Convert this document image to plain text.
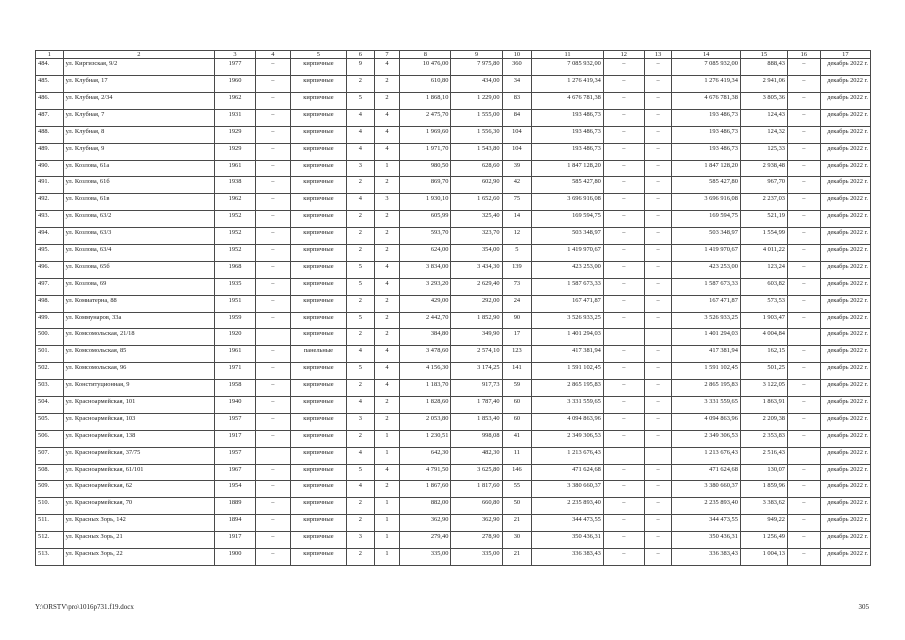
1	2	3	4	5	6	7	8	9	10	11	12	13	14	15	16	17
484.	ул. Киргизская, 9/2	1977	–	кирпичные	9	4	10 476,00	7 975,80	360	7 085 932,00	–	–	7 085 932,00	888,43	–	декабрь 2022 г.
485.	ул. Клубная, 17	1960	–	кирпичные	2	2	610,80	434,00	34	1 276 419,34	–	–	1 276 419,34	2 941,06	–	декабрь 2022 г.
486.	ул. Клубная, 2/34	1962	–	кирпичные	5	2	1 868,10	1 229,00	83	4 676 781,38	–	–	4 676 781,38	3 805,36	–	декабрь 2022 г.
487.	ул. Клубная, 7	1931	–	кирпичные	4	4	2 475,70	1 555,00	84	193 486,73	–	–	193 486,73	124,43	–	декабрь 2022 г.
488.	ул. Клубная, 8	1929	–	кирпичные	4	4	1 969,60	1 556,30	104	193 486,73	–	–	193 486,73	124,32	–	декабрь 2022 г.
489.	ул. Клубная, 9	1929	–	кирпичные	4	4	1 971,70	1 543,80	104	193 486,73	–	–	193 486,73	125,33	–	декабрь 2022 г.
490.	ул. Козлова, 61а	1961	–	кирпичные	3	1	980,50	628,60	39	1 847 128,20	–	–	1 847 128,20	2 938,48	–	декабрь 2022 г.
491.	ул. Козлова, 61б	1938	–	кирпичные	2	2	869,70	602,90	42	585 427,80	–	–	585 427,80	967,70	–	декабрь 2022 г.
492.	ул. Козлова, 61в	1962	–	кирпичные	4	3	1 930,10	1 652,60	75	3 696 916,08	–	–	3 696 916,08	2 237,03	–	декабрь 2022 г.
493.	ул. Козлова, 63/2	1952	–	кирпичные	2	2	605,99	325,40	14	169 594,75	–	–	169 594,75	521,19	–	декабрь 2022 г.
494.	ул. Козлова, 63/3	1952	–	кирпичные	2	2	593,70	323,70	12	503 348,97	–	–	503 348,97	1 554,99	–	декабрь 2022 г.
495.	ул. Козлова, 63/4	1952	–	кирпичные	2	2	624,00	354,00	5	1 419 970,67	–	–	1 419 970,67	4 011,22	–	декабрь 2022 г.
496.	ул. Козлова, 65б	1968	–	кирпичные	5	4	3 834,00	3 434,30	139	423 253,00	–	–	423 253,00	123,24	–	декабрь 2022 г.
497.	ул. Козлова, 69	1935	–	кирпичные	5	4	3 293,20	2 629,40	73	1 587 673,33	–	–	1 587 673,33	603,82	–	декабрь 2022 г.
498.	ул. Комиатерна, 88	1951	–	кирпичные	2	2	429,00	292,00	24	167 471,87	–	–	167 471,87	573,53	–	декабрь 2022 г.
499.	ул. Коммунаров, 33а	1959	–	кирпичные	5	2	2 442,70	1 852,90	90	3 526 933,25	–	–	3 526 933,25	1 903,47	–	декабрь 2022 г.
500.	ул. Комсомольская, 21/18	1920		кирпичные	2	2	384,80	349,90	17	1 401 294,03			1 401 294,03	4 004,84		декабрь 2022 г.
501.	ул. Комсомольская, 85	1961	–	панельные	4	4	3 478,60	2 574,10	123	417 381,94	–	–	417 381,94	162,15	–	декабрь 2022 г.
502.	ул. Комсомольская, 96	1971	–	кирпичные	5	4	4 156,30	3 174,25	141	1 591 102,45	–	–	1 591 102,45	501,25	–	декабрь 2022 г.
503.	ул. Конституционная, 9	1958	–	кирпичные	2	4	1 183,70	917,73	59	2 865 195,83	–	–	2 865 195,83	3 122,05	–	декабрь 2022 г.
504.	ул. Красноармейская, 101	1940	–	кирпичные	4	2	1 828,60	1 787,40	60	3 331 559,65	–	–	3 331 559,65	1 863,91	–	декабрь 2022 г.
505.	ул. Красноармейская, 103	1957	–	кирпичные	3	2	2 053,80	1 853,40	60	4 094 863,96	–	–	4 094 863,96	2 209,38	–	декабрь 2022 г.
506.	ул. Красноармейская, 138	1917	–	кирпичные	2	1	1 230,51	998,08	41	2 349 306,53	–	–	2 349 306,53	2 353,83	–	декабрь 2022 г.
507.	ул. Красноармейская, 37/75	1957		кирпичные	4	1	642,30	482,30	11	1 213 676,43			1 213 676,43	2 516,43		декабрь 2022 г.
508.	ул. Красноармейская, 61/101	1967	–	кирпичные	5	4	4 791,50	3 625,80	146	471 624,68	–	–	471 624,68	130,07	–	декабрь 2022 г.
509.	ул. Красноармейская, 62	1954	–	кирпичные	4	2	1 867,60	1 817,60	55	3 380 660,37	–	–	3 380 660,37	1 859,96	–	декабрь 2022 г.
510.	ул. Красноармейская, 70	1889	–	кирпичные	2	1	882,00	660,80	50	2 235 893,40	–	–	2 235 893,40	3 383,62	–	декабрь 2022 г.
511.	ул. Красных Зорь, 142	1894	–	кирпичные	2	1	362,90	362,90	21	344 473,55	–	–	344 473,55	949,22	–	декабрь 2022 г.
512.	ул. Красных Зорь, 21	1917	–	кирпичные	3	1	279,40	278,90	30	350 436,31	–	–	350 436,31	1 256,49	–	декабрь 2022 г.
513.	ул. Красных Зорь, 22	1900	–	кирпичные	2	1	335,00	335,00	21	336 383,43	–	–	336 383,43	1 004,13	–	декабрь 2022 г.
Y:\ORSTV\pro\1016p731.f19.docx	305
